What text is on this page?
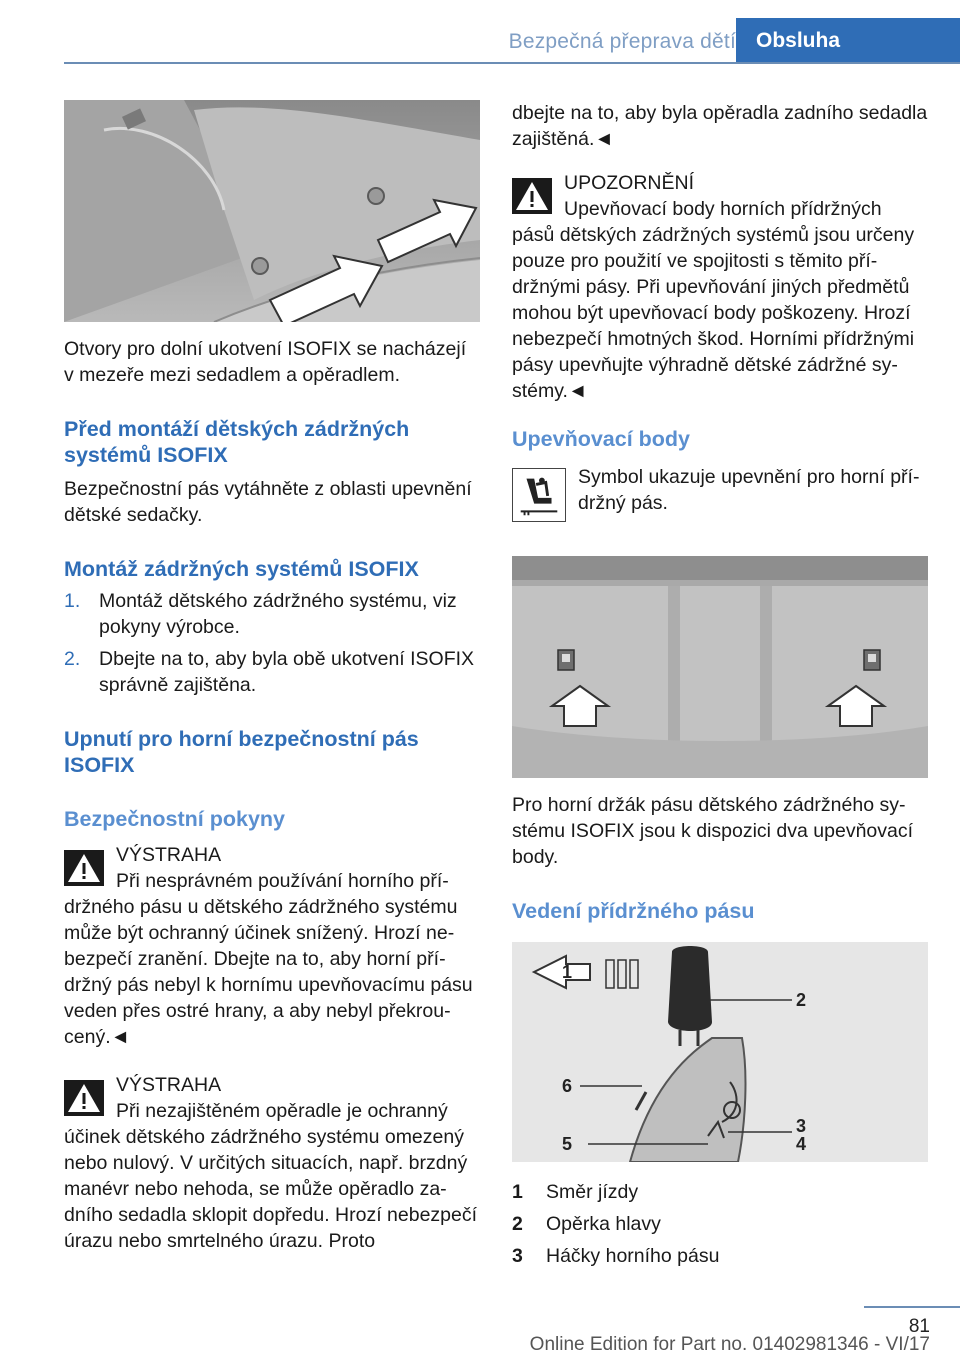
Bezpečná přeprava dětí Obsluha

Otvory pro dolní ukotvení ISOFIX se nacházejí v mezeře mezi sedadlem a opěradlem.

Před montáží dětských zádržných systémů ISOFIX

Bezpečnostní pás vytáhněte z oblasti upevnění dětské sedačky.

Montáž zádržných systémů ISOFIX
1. Montáž dětského zádržného systému, viz pokyny výrobce.
2. Dbejte na to, aby byla obě ukotvení ISOFIX správně zajištěna.
Upnutí pro horní bezpečnostní pás ISOFIX
Bezpečnostní pokyny
VÝSTRAHA
Při nesprávném používání horního pří-

držného pásu u dětského zádržného systému může být ochranný účinek snížený. Hrozí nebezpečí zranění. Dbejte na to, aby horní přídržný pás nebyl k hornímu upevňovacímu pásu veden přes ostré hrany, a aby nebyl překroucený.◄

VÝSTRAHA
Při nezajištěném opěradle je ochranný

účinek dětského zádržného systému omezený nebo nulový. V určitých situacích, např. brzdný manévr nebo nehoda, se může opěradlo zadního sedadla sklopit dopředu. Hrozí nebezpečí úrazu nebo smrtelného úrazu. Proto

dbejte na to, aby byla opěradla zadního sedadla zajištěná.◄

UPOZORNĚNÍ
Upevňovací body horních přídržných

pásů dětských zádržných systémů jsou určeny pouze pro použití ve spojitosti s těmito přídržnými pásy. Při upevňování jiných předmětů mohou být upevňovací body poškozeny. Hrozí nebezpečí hmotných škod. Horními přídržnými pásy upevňujte výhradně dětské zádržné systémy.◄

Upevňovací body

Symbol ukazuje upevnění pro horní přídržný pás.

Pro horní držák pásu dětského zádržného systému ISOFIX jsou k dispozici dva upevňovací body.

Vedení přídržného pásu
1
2
3
4
5
6
1	Směr jízdy
2	Opěrka hlavy
3	Háčky horního pásu
81
Online Edition for Part no. 01402981346 - VI/17
